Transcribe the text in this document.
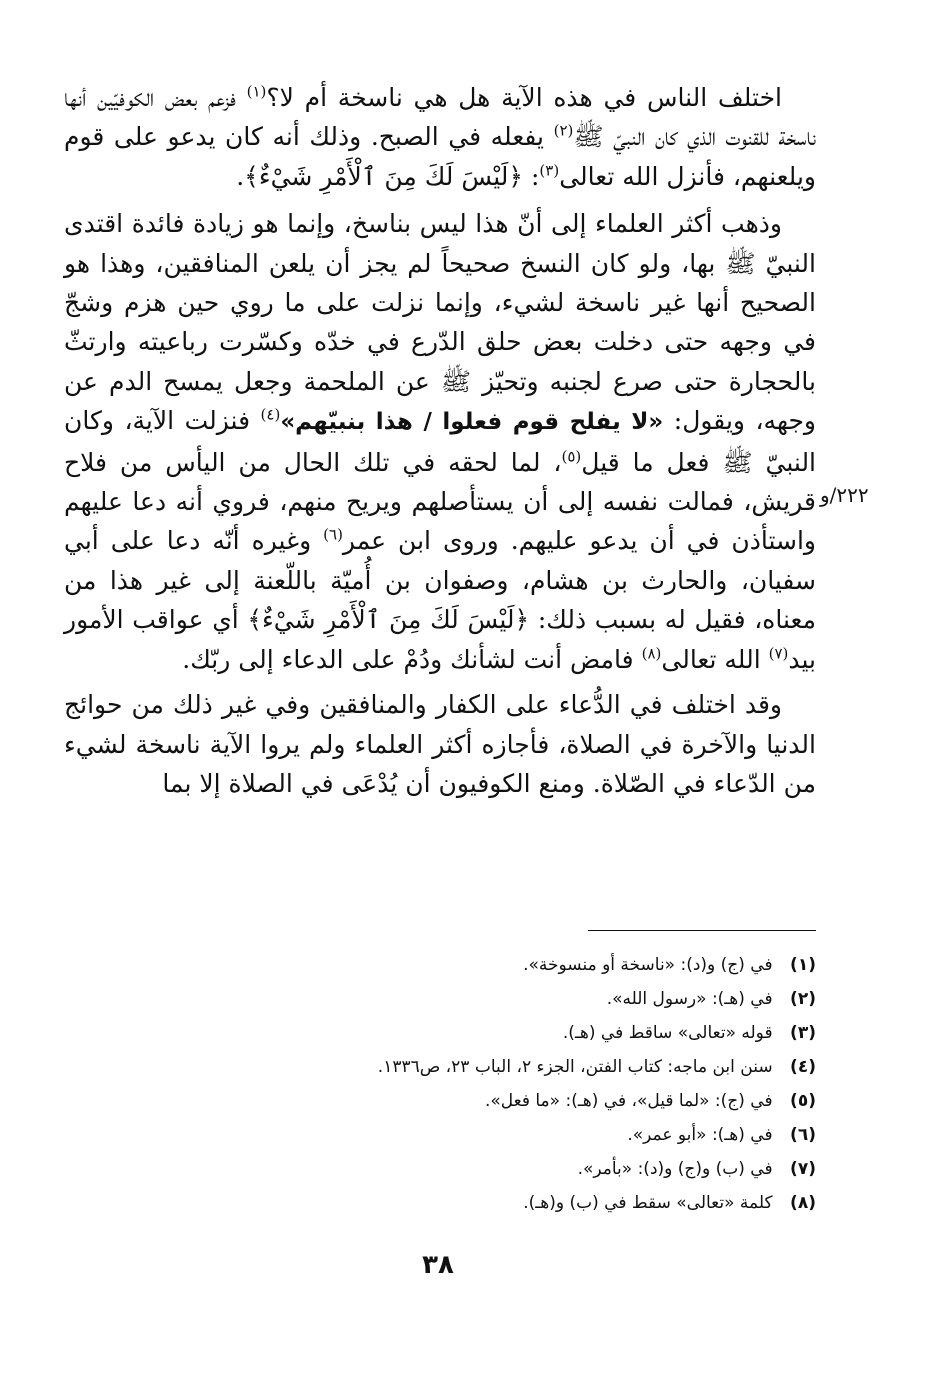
اختلف الناس في هذه الآية هل هي ناسخة أم لا؟$^{(١)}$ فزعم بعض الكوفيّين أنها ناسخة للقنوت الذي كان النبيّ ﷺ$^{(٢)}$ يفعله في الصبح. وذلك أنه كان يدعو على قوم ويلعنهم، فأنزل الله تعالى$^{(٣)}$: ﴿لَيْسَ لَكَ مِنَ ٱلْأَمْرِ شَيْءٌ﴾.

وذهب أكثر العلماء إلى أنّ هذا ليس بناسخ، وإنما هو زيادة فائدة اقتدى النبيّ ﷺ بها، ولو كان النسخ صحيحاً لم يجز أن يلعن المنافقين، وهذا هو الصحيح أنها غير ناسخة لشيء، وإنما نزلت على ما روي حين هزم وشجّ في وجهه حتى دخلت بعض حلق الدّرع في خدّه وكسّرت رباعيته وارتثّ بالحجارة حتى صرع لجنبه وتحيّز ﷺ عن الملحمة وجعل يمسح الدم عن وجهه، ويقول: «لا يفلح قوم فعلوا / هذا بنبيّهم»$^{(٤)}$ فنزلت الآية، وكان النبيّ ﷺ فعل ما قيل$^{(٥)}$، لما لحقه في تلك الحال من اليأس من فلاح قريش، فمالت نفسه إلى أن يستأصلهم ويريح منهم، فروي أنه دعا عليهم واستأذن في أن يدعو عليهم. وروى ابن عمر$^{(٦)}$ وغيره أنّه دعا على أبي سفيان، والحارث بن هشام، وصفوان بن أُميّة باللّعنة إلى غير هذا من معناه، فقيل له بسبب ذلك: ﴿لَيْسَ لَكَ مِنَ ٱلْأَمْرِ شَيْءٌ﴾ أي عواقب الأمور بيد$^{(٧)}$ الله تعالى$^{(٨)}$ فامض أنت لشأنك ودُمْ على الدعاء إلى ربّك.

وقد اختلف في الدُّعاء على الكفار والمنافقين وفي غير ذلك من حوائج الدنيا والآخرة في الصلاة، فأجازه أكثر العلماء ولم يروا الآية ناسخة لشيء من الدّعاء في الصّلاة. ومنع الكوفيون أن يُدْعَى في الصلاة إلا بما

٢٢٢/و
(١) في (ج) و(د): «ناسخة أو منسوخة».
(٢) في (هـ): «رسول الله».
(٣) قوله «تعالى» ساقط في (هـ).
(٤) سنن ابن ماجه: كتاب الفتن، الجزء ٢، الباب ٢٣، ص١٣٣٦.
(٥) في (ج): «لما قيل»، في (هـ): «ما فعل».
(٦) في (هـ): «أبو عمر».
(٧) في (ب) و(ج) و(د): «بأمر».
(٨) كلمة «تعالى» سقط في (ب) و(هـ).
٣٨
